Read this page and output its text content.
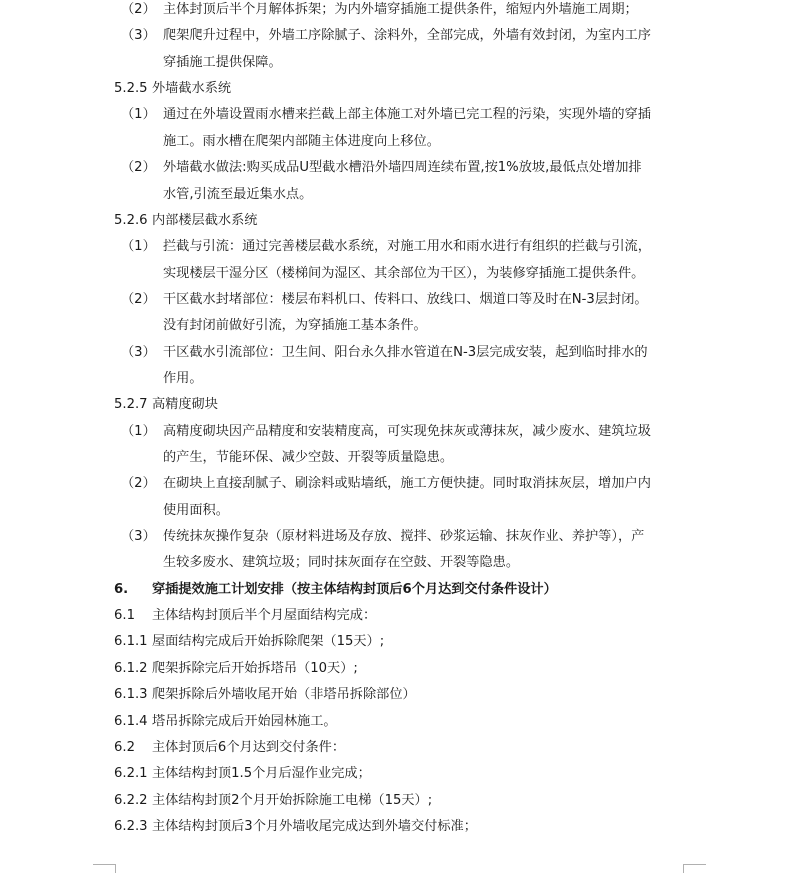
（2） 主体封顶后半个月解体拆架；为内外墙穿插施工提供条件，缩短内外墙施工周期；
（3） 爬架爬升过程中，外墙工序除腻子、涂料外，全部完成，外墙有效封闭，为室内工序
穿插施工提供保障。
5.2.5 外墙截水系统
（1） 通过在外墙设置雨水槽来拦截上部主体施工对外墙已完工程的污染，实现外墙的穿插
施工。雨水槽在爬架内部随主体进度向上移位。
（2） 外墙截水做法:购买成品U型截水槽沿外墙四周连续布置,按1%放坡,最低点处增加排
水管,引流至最近集水点。
5.2.6 内部楼层截水系统
（1） 拦截与引流：通过完善楼层截水系统，对施工用水和雨水进行有组织的拦截与引流，
实现楼层干湿分区（楼梯间为湿区、其余部位为干区），为装修穿插施工提供条件。
（2） 干区截水封堵部位：楼层布料机口、传料口、放线口、烟道口等及时在N-3层封闭。
没有封闭前做好引流，为穿插施工基本条件。
（3） 干区截水引流部位：卫生间、阳台永久排水管道在N-3层完成安装，起到临时排水的
作用。
5.2.7 高精度砌块
（1） 高精度砌块因产品精度和安装精度高，可实现免抹灰或薄抹灰，减少废水、建筑垃圾
的产生，节能环保、减少空鼓、开裂等质量隐患。
（2） 在砌块上直接刮腻子、刷涂料或贴墙纸，施工方便快捷。同时取消抹灰层，增加户内
使用面积。
（3） 传统抹灰操作复杂（原材料进场及存放、搅拌、砂浆运输、抹灰作业、养护等），产
生较多废水、建筑垃圾；同时抹灰面存在空鼓、开裂等隐患。
6. 穿插提效施工计划安排（按主体结构封顶后6个月达到交付条件设计）
6.1 主体结构封顶后半个月屋面结构完成：
6.1.1 屋面结构完成后开始拆除爬架（15天）;
6.1.2 爬架拆除完后开始拆塔吊（10天）;
6.1.3 爬架拆除后外墙收尾开始（非塔吊拆除部位）
6.1.4 塔吊拆除完成后开始园林施工。
6.2 主体封顶后6个月达到交付条件：
6.2.1 主体结构封顶1.5个月后湿作业完成；
6.2.2 主体结构封顶2个月开始拆除施工电梯（15天）;
6.2.3 主体结构封顶后3个月外墙收尾完成达到外墙交付标准；
